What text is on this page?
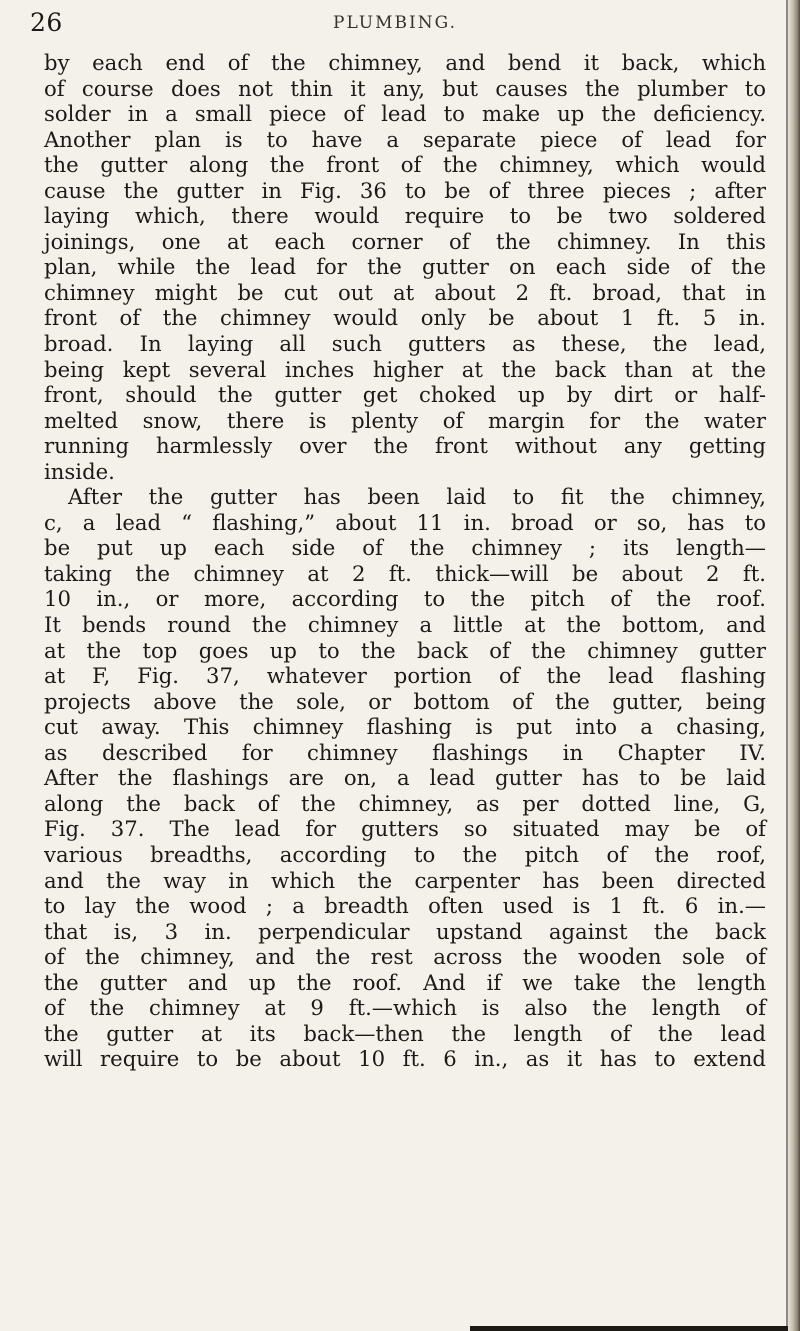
26	PLUMBING.
by each end of the chimney, and bend it back, which
of course does not thin it any, but causes the plumber to
solder in a small piece of lead to make up the deficiency.
Another plan is to have a separate piece of lead for
the gutter along the front of the chimney, which would
cause the gutter in Fig. 36 to be of three pieces ; after
laying which, there would require to be two soldered
joinings, one at each corner of the chimney. In this
plan, while the lead for the gutter on each side of the
chimney might be cut out at about 2 ft. broad, that in
front of the chimney would only be about 1 ft. 5 in.
broad. In laying all such gutters as these, the lead,
being kept several inches higher at the back than at the
front, should the gutter get choked up by dirt or half-
melted snow, there is plenty of margin for the water
running harmlessly over the front without any getting
inside.
After the gutter has been laid to fit the chimney,
c, a lead “ flashing,” about 11 in. broad or so, has to
be put up each side of the chimney ; its length—
taking the chimney at 2 ft. thick—will be about 2 ft.
10 in., or more, according to the pitch of the roof.
It bends round the chimney a little at the bottom, and
at the top goes up to the back of the chimney gutter
at F, Fig. 37, whatever portion of the lead flashing
projects above the sole, or bottom of the gutter, being
cut away. This chimney flashing is put into a chasing,
as described for chimney flashings in Chapter IV.
After the flashings are on, a lead gutter has to be laid
along the back of the chimney, as per dotted line, G,
Fig. 37. The lead for gutters so situated may be of
various breadths, according to the pitch of the roof,
and the way in which the carpenter has been directed
to lay the wood ; a breadth often used is 1 ft. 6 in.—
that is, 3 in. perpendicular upstand against the back
of the chimney, and the rest across the wooden sole of
the gutter and up the roof. And if we take the length
of the chimney at 9 ft.—which is also the length of
the gutter at its back—then the length of the lead
will require to be about 10 ft. 6 in., as it has to extend
